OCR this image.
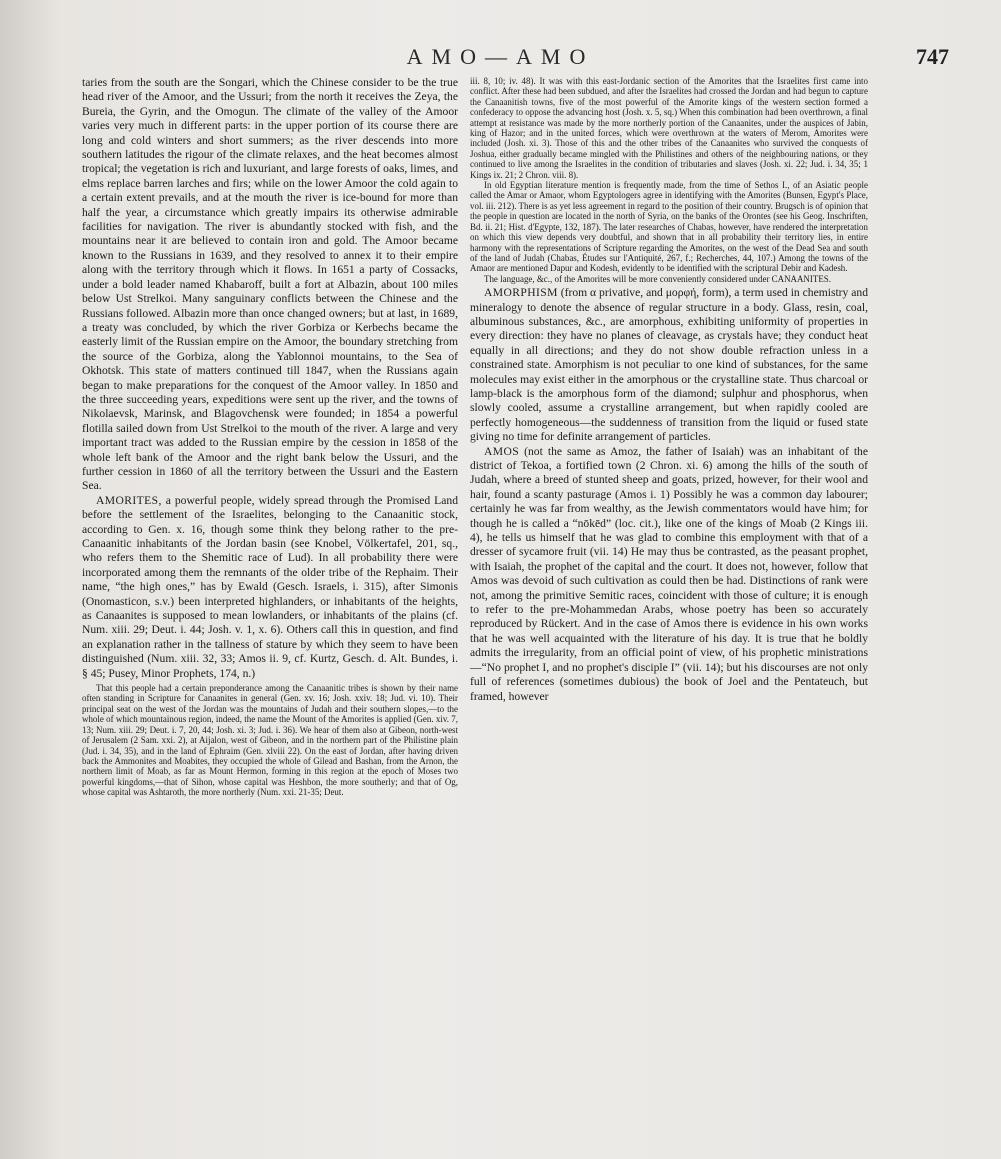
AMO—AMO	747

taries from the south are the Songari, which the Chinese consider to be the true head river of the Amoor, and the Ussuri; from the north it receives the Zeya, the Bureia, the Gyrin, and the Omogun. The climate of the valley of the Amoor varies very much in different parts: in the upper portion of its course there are long and cold winters and short summers; as the river descends into more southern latitudes the rigour of the climate relaxes, and the heat becomes almost tropical; the vegetation is rich and luxuriant, and large forests of oaks, limes, and elms replace barren larches and firs; while on the lower Amoor the cold again to a certain extent prevails, and at the mouth the river is ice-bound for more than half the year, a circumstance which greatly impairs its otherwise admirable facilities for navigation. The river is abundantly stocked with fish, and the mountains near it are believed to contain iron and gold. The Amoor became known to the Russians in 1639, and they resolved to annex it to their empire along with the territory through which it flows. In 1651 a party of Cossacks, under a bold leader named Khabaroff, built a fort at Albazin, about 100 miles below Ust Strelkoi. Many sanguinary conflicts between the Chinese and the Russians followed. Albazin more than once changed owners; but at last, in 1689, a treaty was concluded, by which the river Gorbiza or Kerbechs became the easterly limit of the Russian empire on the Amoor, the boundary stretching from the source of the Gorbiza, along the Yablonnoi mountains, to the Sea of Okhotsk. This state of matters continued till 1847, when the Russians again began to make preparations for the conquest of the Amoor valley. In 1850 and the three succeeding years, expeditions were sent up the river, and the towns of Nikolaevsk, Marinsk, and Blagovchensk were founded; in 1854 a powerful flotilla sailed down from Ust Strelkoi to the mouth of the river. A large and very important tract was added to the Russian empire by the cession in 1858 of the whole left bank of the Amoor and the right bank below the Ussuri, and the further cession in 1860 of all the territory between the Ussuri and the Eastern Sea.

AMORITES, a powerful people, widely spread through the Promised Land before the settlement of the Israelites, belonging to the Canaanitic stock, according to Gen. x. 16, though some think they belong rather to the pre-Canaanitic inhabitants of the Jordan basin (see Knobel, Völkertafel, 201, sq., who refers them to the Shemitic race of Lud). In all probability there were incorporated among them the remnants of the older tribe of the Rephaim. Their name, “the high ones,” has by Ewald (Gesch. Israels, i. 315), after Simonis (Onomasticon, s.v.) been interpreted highlanders, or inhabitants of the heights, as Canaanites is supposed to mean lowlanders, or inhabitants of the plains (cf. Num. xiii. 29; Deut. i. 44; Josh. v. 1, x. 6). Others call this in question, and find an explanation rather in the tallness of stature by which they seem to have been distinguished (Num. xiii. 32, 33; Amos ii. 9, cf. Kurtz, Gesch. d. Alt. Bundes, i. § 45; Pusey, Minor Prophets, 174, n.)

That this people had a certain preponderance among the Canaanitic tribes is shown by their name often standing in Scripture for Canaanites in general (Gen. xv. 16; Josh. xxiv. 18; Jud. vi. 10). Their principal seat on the west of the Jordan was the mountains of Judah and their southern slopes,—to the whole of which mountainous region, indeed, the name the Mount of the Amorites is applied (Gen. xiv. 7, 13; Num. xiii. 29; Deut. i. 7, 20, 44; Josh. xi. 3; Jud. i. 36). We hear of them also at Gibeon, north-west of Jerusalem (2 Sam. xxi. 2), at Aijalon, west of Gibeon, and in the northern part of the Philistine plain (Jud. i. 34, 35), and in the land of Ephraim (Gen. xlviii 22). On the east of Jordan, after having driven back the Ammonites and Moabites, they occupied the whole of Gilead and Bashan, from the Arnon, the northern limit of Moab, as far as Mount Hermon, forming in this region at the epoch of Moses two powerful kingdoms,—that of Sihon, whose capital was Heshbon, the more southerly; and that of Og, whose capital was Ashtaroth, the more northerly (Num. xxi. 21-35; Deut.

iii. 8, 10; iv. 48). It was with this east-Jordanic section of the Amorites that the Israelites first came into conflict. After these had been subdued, and after the Israelites had crossed the Jordan and had begun to capture the Canaanitish towns, five of the most powerful of the Amorite kings of the western section formed a confederacy to oppose the advancing host (Josh. x. 5, sq.) When this combination had been overthrown, a final attempt at resistance was made by the more northerly portion of the Canaanites, under the auspices of Jabin, king of Hazor; and in the united forces, which were overthrown at the waters of Merom, Amorites were included (Josh. xi. 3). Those of this and the other tribes of the Canaanites who survived the conquests of Joshua, either gradually became mingled with the Philistines and others of the neighbouring nations, or they continued to live among the Israelites in the condition of tributaries and slaves (Josh. xi. 22; Jud. i. 34, 35; 1 Kings ix. 21; 2 Chron. viii. 8).

In old Egyptian literature mention is frequently made, from the time of Sethos I., of an Asiatic people called the Amar or Amaor, whom Egyptologers agree in identifying with the Amorites (Bunsen, Egypt's Place, vol. iii. 212). There is as yet less agreement in regard to the position of their country. Brugsch is of opinion that the people in question are located in the north of Syria, on the banks of the Orontes (see his Geog. Inschriften, Bd. ii. 21; Hist. d'Egypte, 132, 187). The later researches of Chabas, however, have rendered the interpretation on which this view depends very doubtful, and shown that in all probability their territory lies, in entire harmony with the representations of Scripture regarding the Amorites, on the west of the Dead Sea and south of the land of Judah (Chabas, Études sur l'Antiquité, 267, f.; Recherches, 44, 107.) Among the towns of the Amaor are mentioned Dapur and Kodesh, evidently to be identified with the scriptural Debir and Kadesh.

The language, &c., of the Amorites will be more conveniently considered under CANAANITES.

AMORPHISM (from α privative, and μορφή, form), a term used in chemistry and mineralogy to denote the absence of regular structure in a body. Glass, resin, coal, albuminous substances, &c., are amorphous, exhibiting uniformity of properties in every direction: they have no planes of cleavage, as crystals have; they conduct heat equally in all directions; and they do not show double refraction unless in a constrained state. Amorphism is not peculiar to one kind of substances, for the same molecules may exist either in the amorphous or the crystalline state. Thus charcoal or lamp-black is the amorphous form of the diamond; sulphur and phosphorus, when slowly cooled, assume a crystalline arrangement, but when rapidly cooled are perfectly homogeneous—the suddenness of transition from the liquid or fused state giving no time for definite arrangement of particles.

AMOS (not the same as Amoz, the father of Isaiah) was an inhabitant of the district of Tekoa, a fortified town (2 Chron. xi. 6) among the hills of the south of Judah, where a breed of stunted sheep and goats, prized, however, for their wool and hair, found a scanty pasturage (Amos i. 1) Possibly he was a common day labourer; certainly he was far from wealthy, as the Jewish commentators would have him; for though he is called a “nōkēd” (loc. cit.), like one of the kings of Moab (2 Kings iii. 4), he tells us himself that he was glad to combine this employment with that of a dresser of sycamore fruit (vii. 14) He may thus be contrasted, as the peasant prophet, with Isaiah, the prophet of the capital and the court. It does not, however, follow that Amos was devoid of such cultivation as could then be had. Distinctions of rank were not, among the primitive Semitic races, coincident with those of culture; it is enough to refer to the pre-Mohammedan Arabs, whose poetry has been so accurately reproduced by Rückert. And in the case of Amos there is evidence in his own works that he was well acquainted with the literature of his day. It is true that he boldly admits the irregularity, from an official point of view, of his prophetic ministrations—“No prophet I, and no prophet's disciple I” (vii. 14); but his discourses are not only full of references (sometimes dubious) the book of Joel and the Pentateuch, but framed, however
